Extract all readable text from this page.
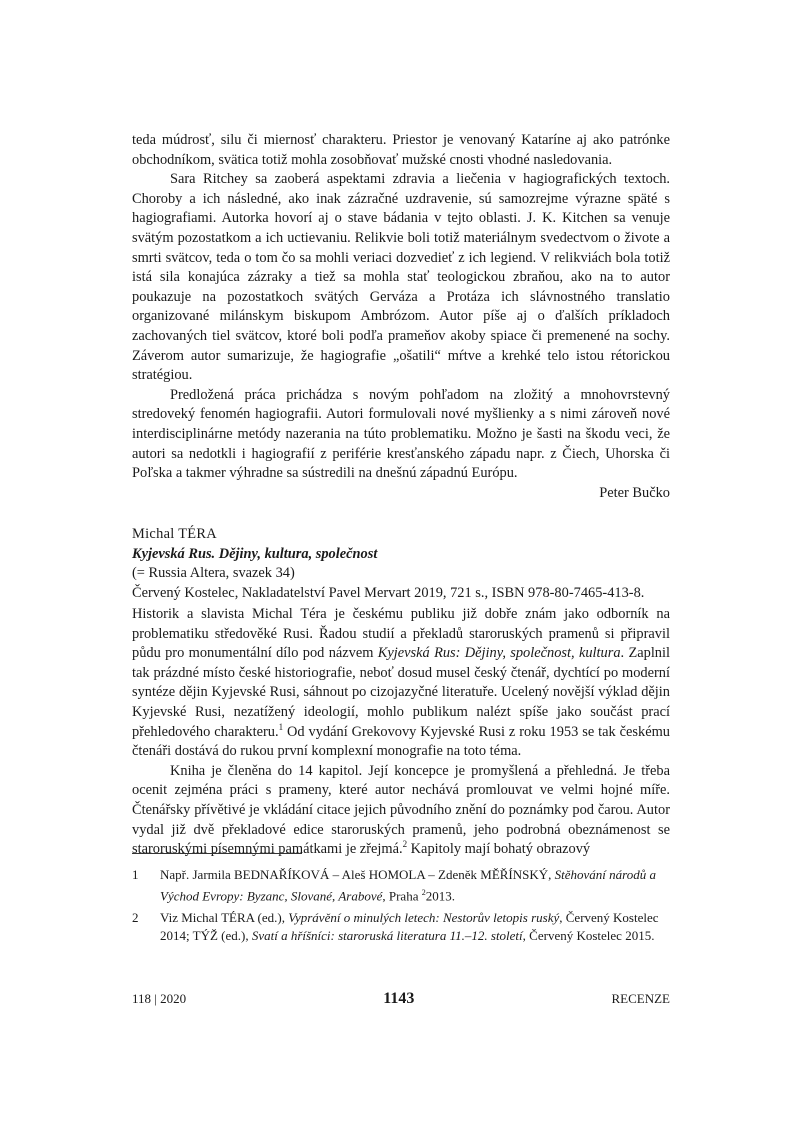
teda múdrosť, silu či miernosť charakteru. Priestor je venovaný Kataríne aj ako patrónke obchodníkom, svätica totiž mohla zosobňovať mužské cnosti vhodné nasledovania.

Sara Ritchey sa zaoberá aspektami zdravia a liečenia v hagiografických textoch. Choroby a ich následné, ako inak zázračné uzdravenie, sú samozrejme výrazne späté s hagiografiami. Autorka hovorí aj o stave bádania v tejto oblasti. J. K. Kitchen sa venuje svätým pozostatkom a ich uctievaniu. Relikvie boli totiž materiálnym svedectvom o živote a smrti svätcov, teda o tom čo sa mohli veriaci dozvedieť z ich legiend. V relikviách bola totiž istá sila konajúca zázraky a tiež sa mohla stať teologickou zbraňou, ako na to autor poukazuje na pozostatkoch svätých Gerváza a Protáza ich slávnostného translatio organizované milánskym biskupom Ambrózom. Autor píše aj o ďalších príkladoch zachovaných tiel svätcov, ktoré boli podľa prameňov akoby spiace či premenené na sochy. Záverom autor sumarizuje, že hagiografie „ošatili“ mŕtve a krehké telo istou rétorickou stratégiou.

Predložená práca prichádza s novým pohľadom na zložitý a mnohovrstevný stredoveký fenomén hagiografii. Autori formulovali nové myšlienky a s nimi zároveň nové interdisciplinárne metódy nazerania na túto problematiku. Možno je šasti na škodu veci, že autori sa nedotkli i hagiografií z periférie kresťanského západu napr. z Čiech, Uhorska či Poľska a takmer výhradne sa sústredili na dnešnú západnú Európu.

Peter Bučko

Michal TÉRA

Kyjevská Rus. Dějiny, kultura, společnost

(= Russia Altera, svazek 34)

Červený Kostelec, Nakladatelství Pavel Mervart 2019, 721 s., ISBN 978-80-7465-413-8.

Historik a slavista Michal Téra je českému publiku již dobře znám jako odborník na problematiku středověké Rusi. Řadou studií a překladů staroruských pramenů si připravil půdu pro monumentální dílo pod názvem Kyjevská Rus: Dějiny, společnost, kultura. Zaplnil tak prázdné místo české historiografie, neboť dosud musel český čtenář, dychtící po moderní syntéze dějin Kyjevské Rusi, sáhnout po cizojazyčné literatuře. Ucelený novější výklad dějin Kyjevské Rusi, nezatížený ideologií, mohlo publikum nalézt spíše jako součást prací přehledového charakteru.$^1$ Od vydání Grekovovy Kyjevské Rusi z roku 1953 se tak českému čtenáři dostává do rukou první komplexní monografie na toto téma.

Kniha je členěna do 14 kapitol. Její koncepce je promyšlená a přehledná. Je třeba ocenit zejména práci s prameny, které autor nechává promlouvat ve velmi hojné míře. Čtenářsky přívětivé je vkládání citace jejich původního znění do poznámky pod čarou. Autor vydal již dvě překladové edice staroruských pramenů, jeho podrobná obeznámenost se staroruskými písemnými památkami je zřejmá.$^2$ Kapitoly mají bohatý obrazový

1	Např. Jarmila BEDNAŘÍKOVÁ – Aleš HOMOLA – Zdeněk MĚŘÍNSKÝ, Stěhování národů a Východ Evropy: Byzanc, Slované, Arabové, Praha $^2$2013.
2	Viz Michal TÉRA (ed.), Vyprávění o minulých letech: Nestorův letopis ruský, Červený Kostelec 2014; TÝŽ (ed.), Svatí a hříšníci: staroruská literatura 11.–12. století, Červený Kostelec 2015.
118 | 2020	1143	RECENZE
